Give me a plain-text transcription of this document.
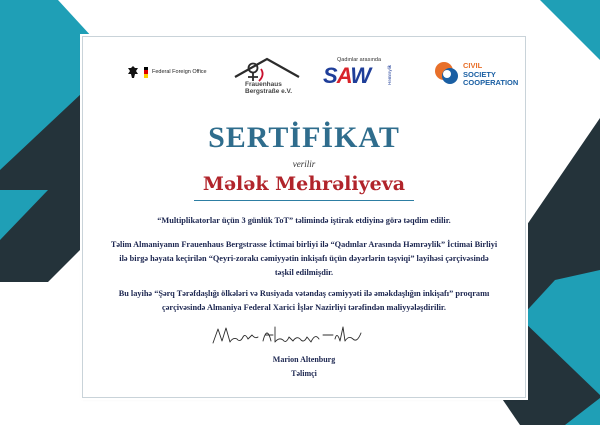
Federal Foreign Office
Frauenhaus
Bergstraße e.V.
Qadınlar arasında
SAW	Həmrəylik	CIVIL
SOCIETY
COOPERATION
SERTİFİKAT
verilir
Mələk Mehrəliyeva
“Multiplikatorlar üçün 3 günlük ToT” təlimində iştirak etdiyinə görə təqdim edilir.
Təlim Almaniyanın Frauenhaus Bergstrasse İctimai birliyi ilə “Qadınlar Arasında Həmrəylik” İctimai Birliyi ilə birgə həyata keçirilən “Qeyri-zorakı cəmiyyətin inkişafı üçün dəyərlərin təşviqi” layihəsi çərçivəsində təşkil edilmişdir.
Bu layihə “Şərq Tərəfdaşlığı ölkələri və Rusiyada vətəndaş cəmiyyəti ilə əməkdaşlığın inkişafı” proqramı çərçivəsində Almaniya Federal Xarici İşlər Nazirliyi tərəfindən maliyyələşdirilir.
Marion Altenburg
Təlimçi
